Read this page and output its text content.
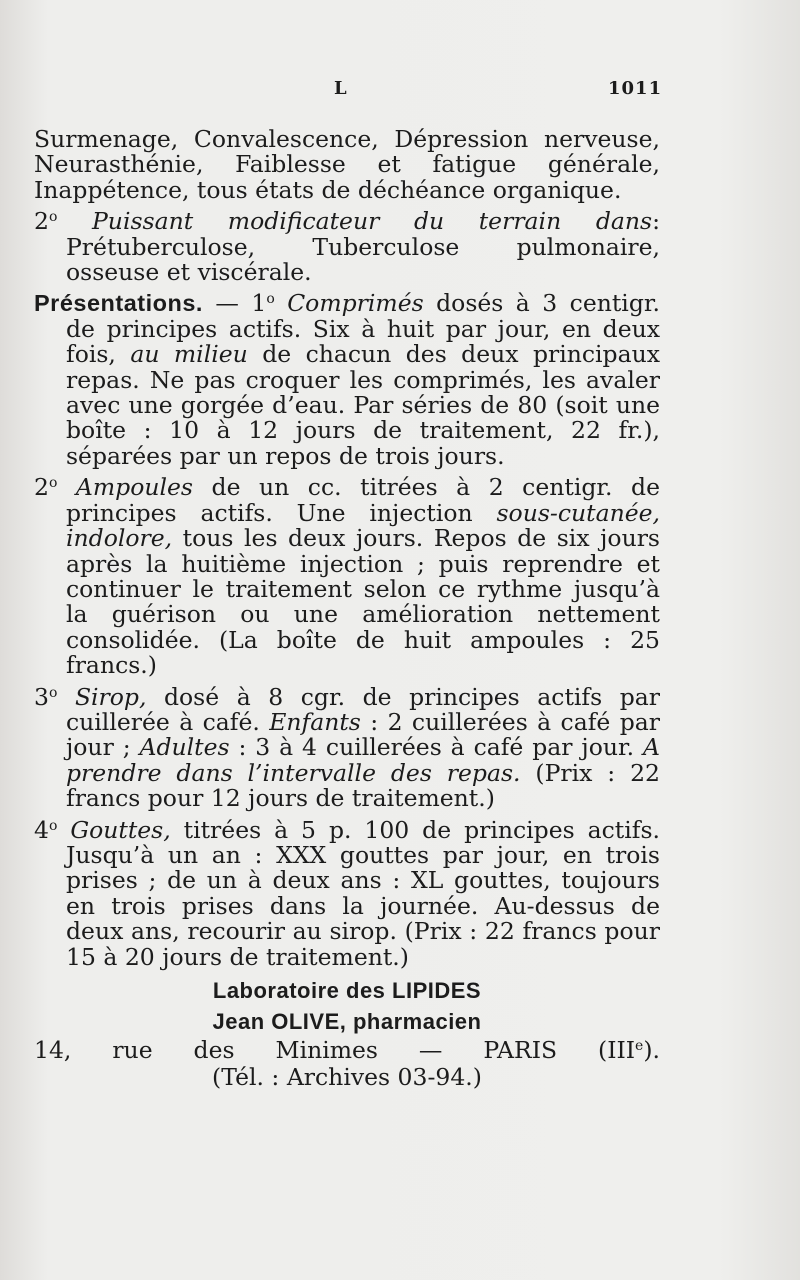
L	1011

Surmenage, Convalescence, Dépression nerveuse, Neurasthénie, Faiblesse et fatigue générale, Inappétence, tous états de déchéance organique.

2$^o$ Puissant modificateur du terrain dans: Prétuberculose, Tuberculose pulmonaire, osseuse et viscérale.

Présentations. — 1$^o$ Comprimés dosés à 3 centigr. de principes actifs. Six à huit par jour, en deux fois, au milieu de chacun des deux principaux repas. Ne pas croquer les comprimés, les avaler avec une gorgée d’eau. Par séries de 80 (soit une boîte : 10 à 12 jours de traitement, 22 fr.), séparées par un repos de trois jours.

2$^o$ Ampoules de un cc. titrées à 2 centigr. de principes actifs. Une injection sous-cutanée, indolore, tous les deux jours. Repos de six jours après la huitième injection ; puis reprendre et continuer le traitement selon ce rythme jusqu’à la guérison ou une amélioration nettement consolidée. (La boîte de huit ampoules : 25 francs.)

3$^o$ Sirop, dosé à 8 cgr. de principes actifs par cuillerée à café. Enfants : 2 cuillerées à café par jour ; Adultes : 3 à 4 cuillerées à café par jour. A prendre dans l’intervalle des repas. (Prix : 22 francs pour 12 jours de traitement.)

4$^o$ Gouttes, titrées à 5 p. 100 de principes actifs. Jusqu’à un an : XXX gouttes par jour, en trois prises ; de un à deux ans : XL gouttes, toujours en trois prises dans la journée. Au-dessus de deux ans, recourir au sirop. (Prix : 22 francs pour 15 à 20 jours de traitement.)

Laboratoire des LIPIDES

Jean OLIVE, pharmacien

14, rue des Minimes — PARIS (IIIe).

(Tél. : Archives 03-94.)
